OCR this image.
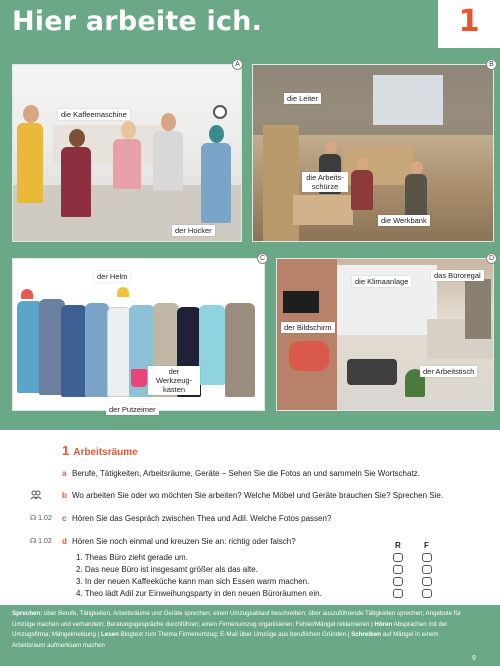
Hier arbeite ich.	1
A
die Kaffeemaschine
der Hocker
B
die Leiter
die Arbeits-
schürze
die Werkbank
C
der Helm
der Werkzeug-
kasten
der Putzeimer
D
die Klimaanlage
das Büroregal
der Bildschirm
der Arbeitstisch
1 Arbeitsräume
a Berufe, Tätigkeiten, Arbeitsräume, Geräte – Sehen Sie die Fotos an und sammeln Sie Wortschatz.
b Wo arbeiten Sie oder wo möchten Sie arbeiten? Welche Möbel und Geräte brauchen Sie? Sprechen Sie.
☊ 1.02 c Hören Sie das Gespräch zwischen Thea und Adil. Welche Fotos passen?
☊ 1.02 d Hören Sie noch einmal und kreuzen Sie an: richtig oder falsch?	R	F
1. Theas Büro zieht gerade um.
2. Das neue Büro ist insgesamt größer als das alte.
3. In der neuen Kaffeeküche kann man sich Essen warm machen.
4. Theo lädt Adil zur Einweihungsparty in den neuen Büroräumen ein.
Sprechen: über Berufe, Tätigkeiten, Arbeitsräume und Geräte sprechen; einen Umzugsablauf beschreiben; über auszuführende Tätigkeiten sprechen; Angebote für Umzüge machen und verhandeln; Beratungsgespräche durchführen; einen Firmenumzug organisieren; Fehler/Mängel reklamieren | Hören Absprachen mit der Umzugsfirma; Mängelmeldung | Lesen Blogtext zum Thema Firmenumzug; E-Mail über Umzüge aus beruflichen Gründen | Schreiben auf Mängel in einem Arbeitsraum aufmerksam machen
9
